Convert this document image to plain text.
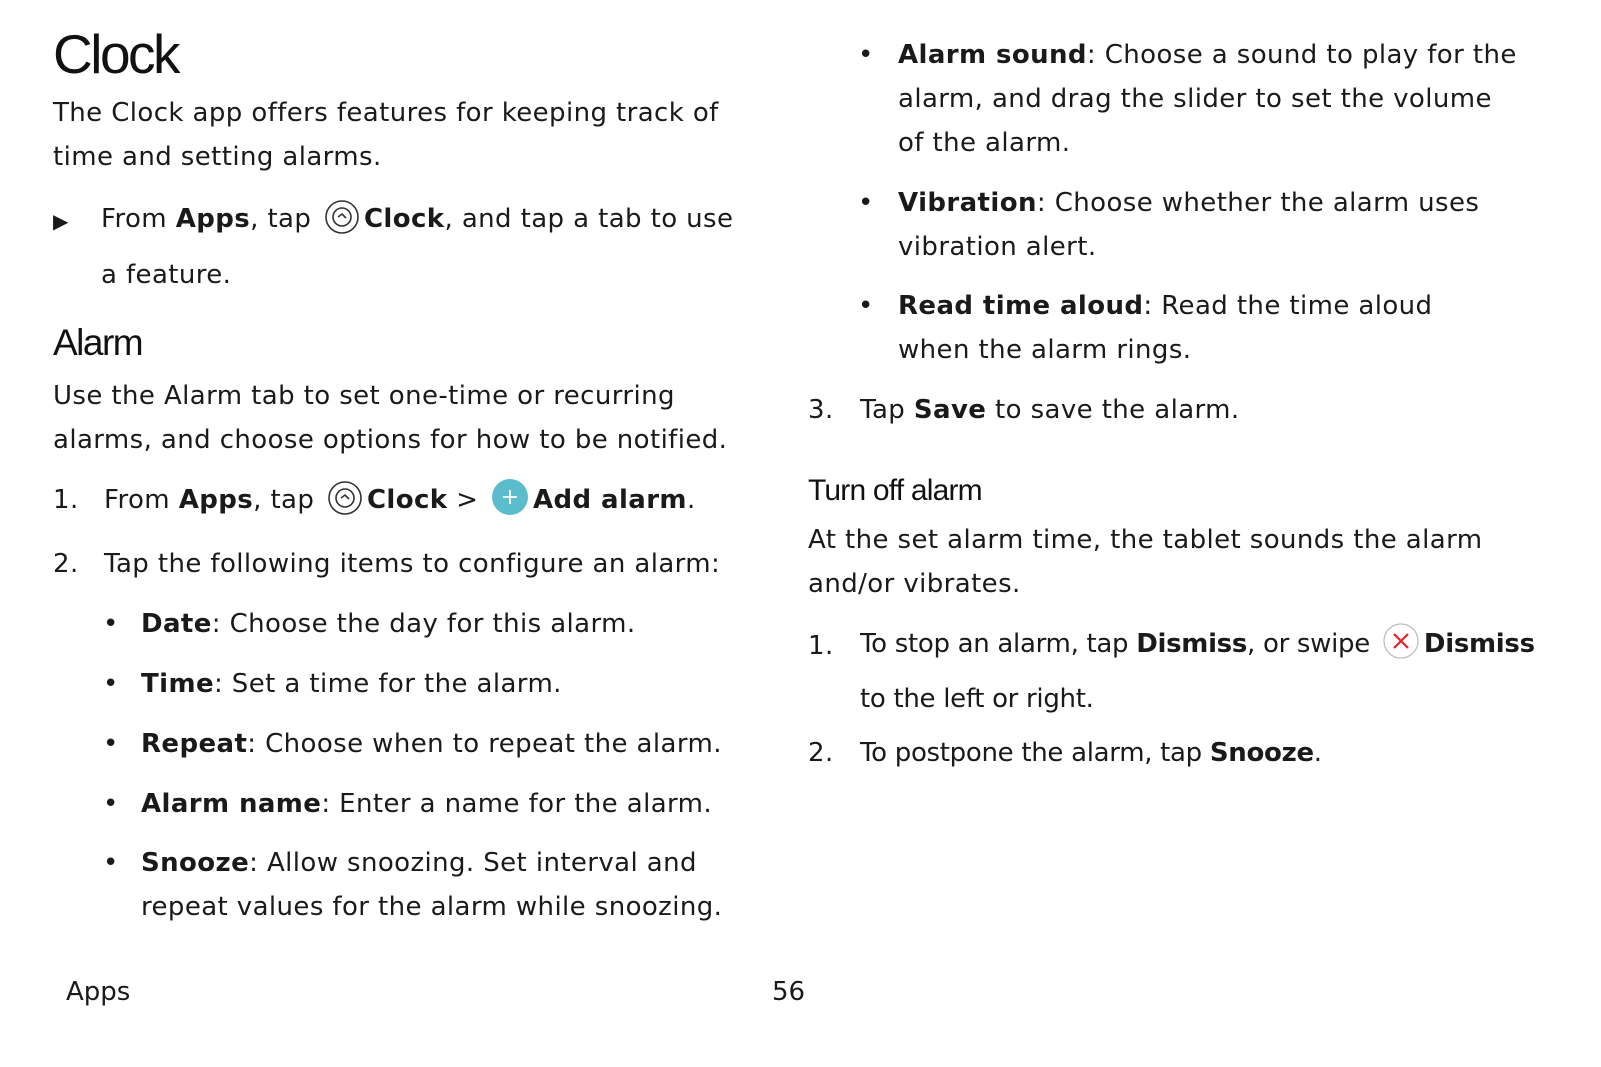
Clock

The Clock app offers features for keeping track of time and setting alarms.

▶ From Apps, tap Clock, and tap a tab to use a feature.
Alarm

Use the Alarm tab to set one-time or recurring alarms, and choose options for how to be notified.

1. From Apps, tap Clock > Add alarm.
2. Tap the following items to configure an alarm:
• Date: Choose the day for this alarm.
• Time: Set a time for the alarm.
• Repeat: Choose when to repeat the alarm.
• Alarm name: Enter a name for the alarm.
• Snooze: Allow snoozing. Set interval and repeat values for the alarm while snoozing.
• Alarm sound: Choose a sound to play for the alarm, and drag the slider to set the volume of the alarm.
• Vibration: Choose whether the alarm uses vibration alert.
• Read time aloud: Read the time aloud when the alarm rings.
3. Tap Save to save the alarm.
Turn off alarm

At the set alarm time, the tablet sounds the alarm and/or vibrates.

1. To stop an alarm, tap Dismiss, or swipe Dismiss to the left or right.
2. To postpone the alarm, tap Snooze.
Apps	56
